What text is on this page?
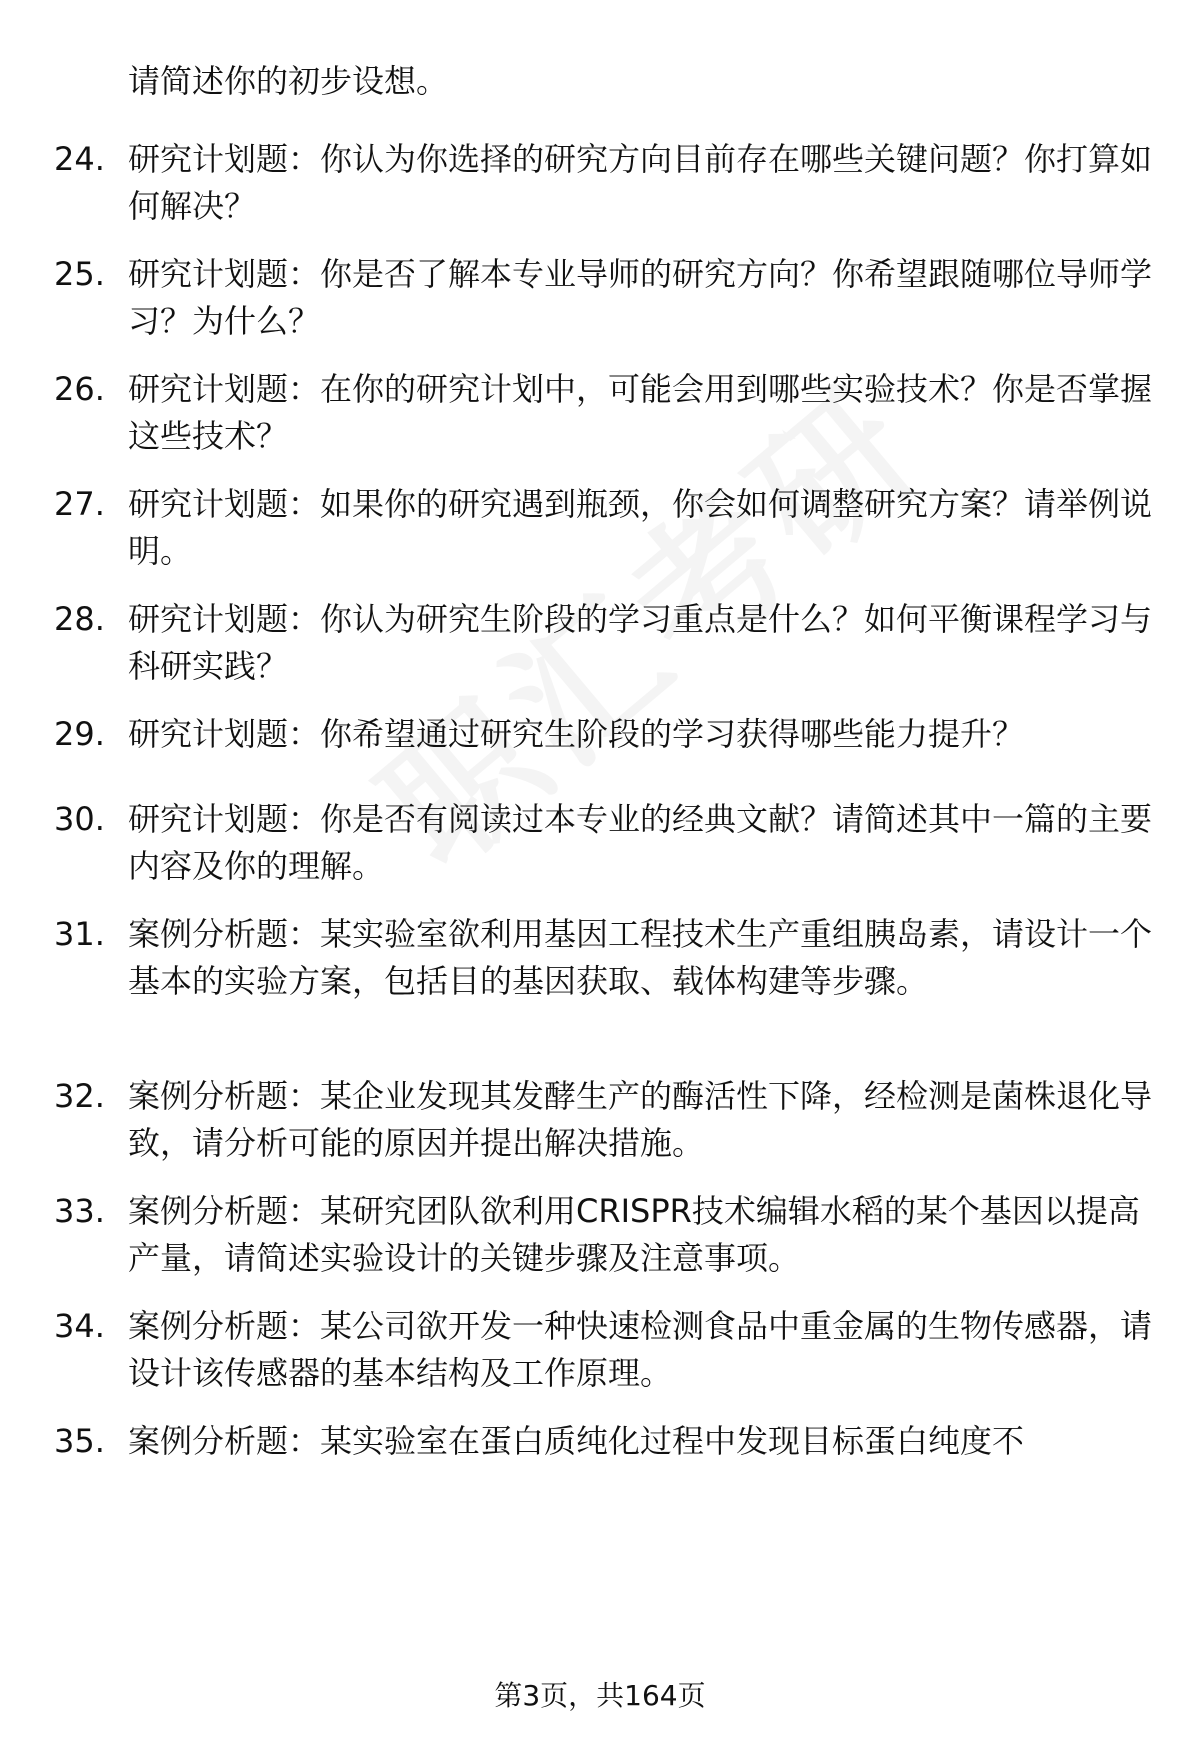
请简述你的初步设想。
24. 研究计划题：你认为你选择的研究方向目前存在哪些关键问题？你打算如何解决？
25. 研究计划题：你是否了解本专业导师的研究方向？你希望跟随哪位导师学习？为什么？
26. 研究计划题：在你的研究计划中，可能会用到哪些实验技术？你是否掌握这些技术？
27. 研究计划题：如果你的研究遇到瓶颈，你会如何调整研究方案？请举例说明。
28. 研究计划题：你认为研究生阶段的学习重点是什么？如何平衡课程学习与科研实践？
29. 研究计划题：你希望通过研究生阶段的学习获得哪些能力提升？
30. 研究计划题：你是否有阅读过本专业的经典文献？请简述其中一篇的主要内容及你的理解。
31. 案例分析题：某实验室欲利用基因工程技术生产重组胰岛素，请设计一个基本的实验方案，包括目的基因获取、载体构建等步骤。
32. 案例分析题：某企业发现其发酵生产的酶活性下降，经检测是菌株退化导致，请分析可能的原因并提出解决措施。
33. 案例分析题：某研究团队欲利用CRISPR技术编辑水稻的某个基因以提高产量，请简述实验设计的关键步骤及注意事项。
34. 案例分析题：某公司欲开发一种快速检测食品中重金属的生物传感器，请设计该传感器的基本结构及工作原理。
35. 案例分析题：某实验室在蛋白质纯化过程中发现目标蛋白纯度不
第3页，共164页
